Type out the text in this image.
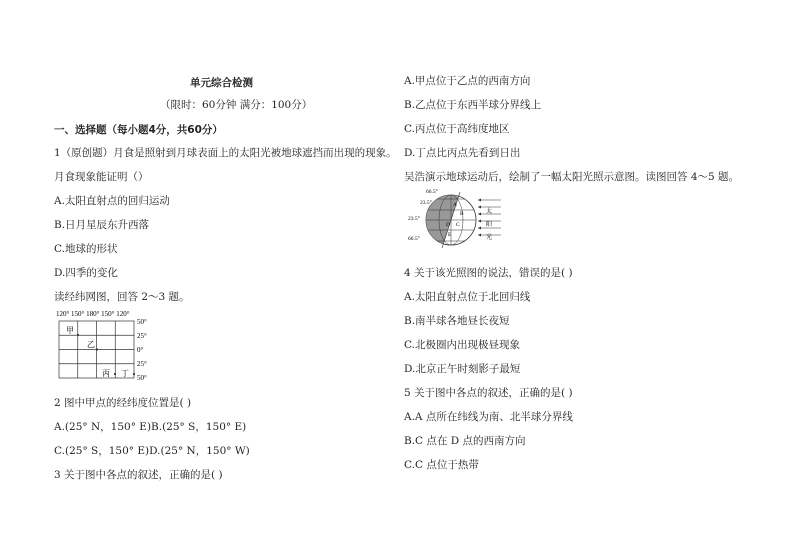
单元综合检测
（限时：60分钟 满分：100分）
一、选择题（每小题4分，共60分）
1（原创题）月食是照射到月球表面上的太阳光被地球遮挡而出现的现象。
月食现象能证明（）
A.太阳直射点的回归运动
B.日月星辰东升西落
C.地球的形状
D.四季的变化
读经纬网图，回答 2～3 题。
120° 150° 180° 150° 120°
50°
25°
0°
25°
50°
甲
乙
丙 丁
2 图中甲点的经纬度位置是( )
A.(25° N，150° E)B.(25° S，150° E)
C.(25° S，150° E)D.(25° N，150° W)
3 关于图中各点的叙述，正确的是( )
A.甲点位于乙点的西南方向
B.乙点位于东西半球分界线上
C.丙点位于高纬度地区
D.丁点比丙点先看到日出
吴浩演示地球运动后，绘制了一幅太阳光照示意图。读图回答 4～5 题。
66.5°
23.5°
23.5°
66.5°
A
B
C
D
E
太
阳
光
4 关于该光照图的说法，错误的是( )
A.太阳直射点位于北回归线
B.南半球各地昼长夜短
C.北极圈内出现极昼现象
D.北京正午时刻影子最短
5 关于图中各点的叙述，正确的是( )
A.A 点所在纬线为南、北半球分界线
B.C 点在 D 点的西南方向
C.C 点位于热带
